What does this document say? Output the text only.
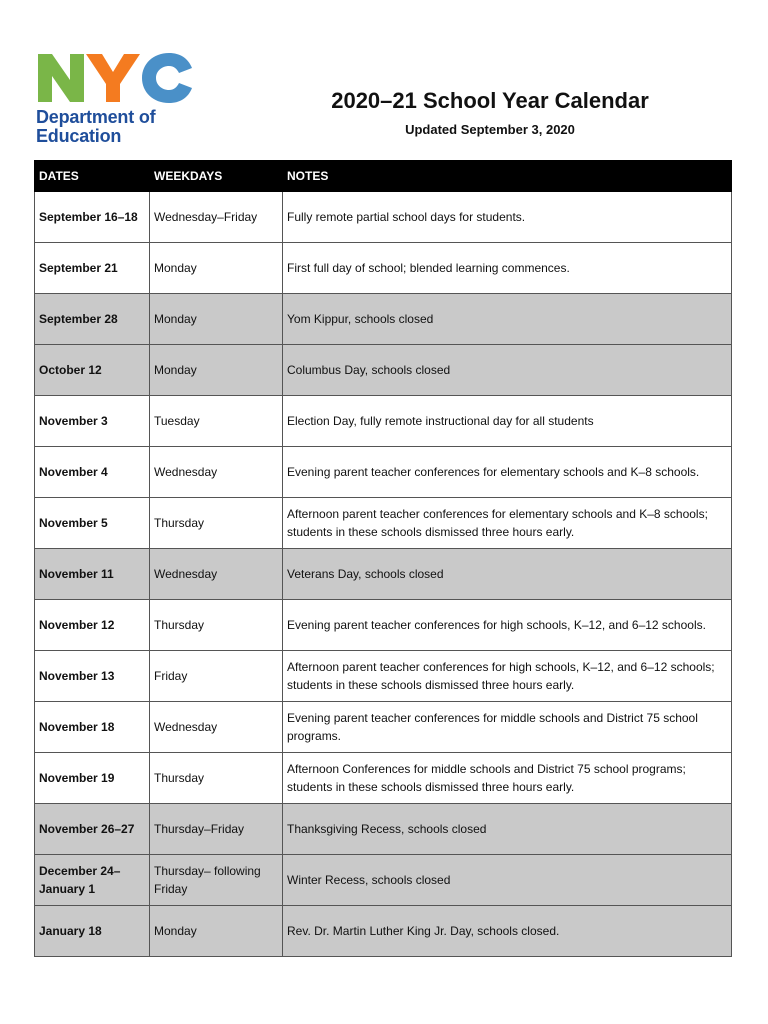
Department of
Education
2020–21 School Year Calendar
Updated September 3, 2020
DATES	WEEKDAYS	NOTES
September 16–18	Wednesday–Friday	Fully remote partial school days for students.
September 21	Monday	First full day of school; blended learning commences.
September 28	Monday	Yom Kippur, schools closed
October 12	Monday	Columbus Day, schools closed
November 3	Tuesday	Election Day, fully remote instructional day for all students
November 4	Wednesday	Evening parent teacher conferences for elementary schools and K–8 schools.
November 5	Thursday	Afternoon parent teacher conferences for elementary schools and K–8 schools; students in these schools dismissed three hours early.
November 11	Wednesday	Veterans Day, schools closed
November 12	Thursday	Evening parent teacher conferences for high schools, K–12, and 6–12 schools.
November 13	Friday	Afternoon parent teacher conferences for high schools, K–12, and 6–12 schools; students in these schools dismissed three hours early.
November 18	Wednesday	Evening parent teacher conferences for middle schools and District 75 school programs.
November 19	Thursday	Afternoon Conferences for middle schools and District 75 school programs; students in these schools dismissed three hours early.
November 26–27	Thursday–Friday	Thanksgiving Recess, schools closed
December 24– January 1	Thursday– following Friday	Winter Recess, schools closed
January 18	Monday	Rev. Dr. Martin Luther King Jr. Day, schools closed.
